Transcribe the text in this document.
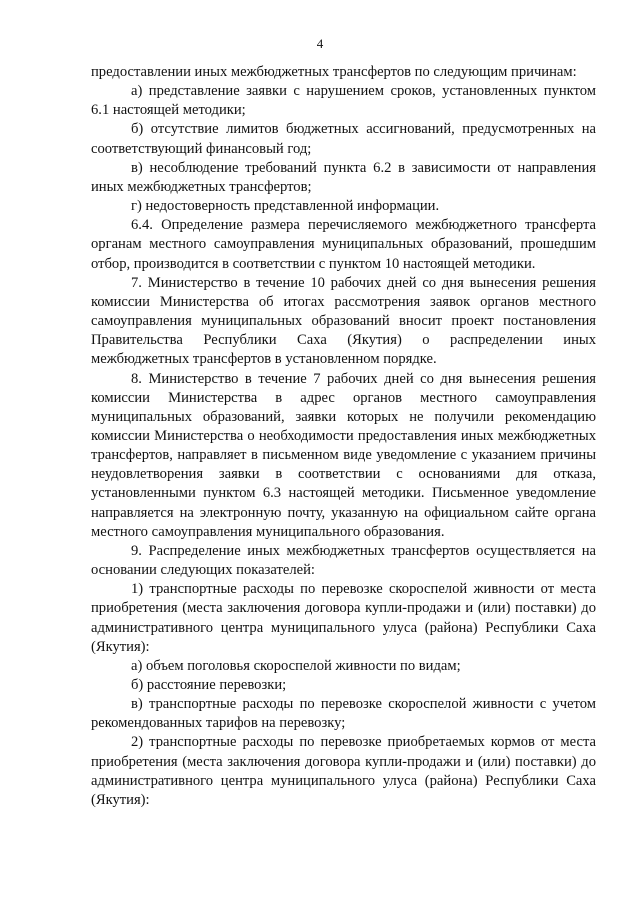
4

предоставлении иных межбюджетных трансфертов по следующим причинам:

а) представление заявки с нарушением сроков, установленных пунктом 6.1 настоящей методики;

б) отсутствие лимитов бюджетных ассигнований, предусмотренных на соответствующий финансовый год;

в) несоблюдение требований пункта 6.2 в зависимости от направления иных межбюджетных трансфертов;

г) недостоверность представленной информации.

6.4. Определение размера перечисляемого межбюджетного трансферта органам местного самоуправления муниципальных образований, прошедшим отбор, производится в соответствии с пунктом 10 настоящей методики.

7. Министерство в течение 10 рабочих дней со дня вынесения решения комиссии Министерства об итогах рассмотрения заявок органов местного самоуправления муниципальных образований вносит проект постановления Правительства Республики Саха (Якутия) о распределении иных межбюджетных трансфертов в установленном порядке.

8. Министерство в течение 7 рабочих дней со дня вынесения решения комиссии Министерства в адрес органов местного самоуправления муниципальных образований, заявки которых не получили рекомендацию комиссии Министерства о необходимости предоставления иных межбюджетных трансфертов, направляет в письменном виде уведомление с указанием причины неудовлетворения заявки в соответствии с основаниями для отказа, установленными пунктом 6.3 настоящей методики. Письменное уведомление направляется на электронную почту, указанную на официальном сайте органа местного самоуправления муниципального образования.

9. Распределение иных межбюджетных трансфертов осуществляется на основании следующих показателей:

1) транспортные расходы по перевозке скороспелой живности от места приобретения (места заключения договора купли-продажи и (или) поставки) до административного центра муниципального улуса (района) Республики Саха (Якутия):

а) объем поголовья скороспелой живности по видам;

б) расстояние перевозки;

в) транспортные расходы по перевозке скороспелой живности с учетом рекомендованных тарифов на перевозку;

2) транспортные расходы по перевозке приобретаемых кормов от места приобретения (места заключения договора купли-продажи и (или) поставки) до административного центра муниципального улуса (района) Республики Саха (Якутия):
